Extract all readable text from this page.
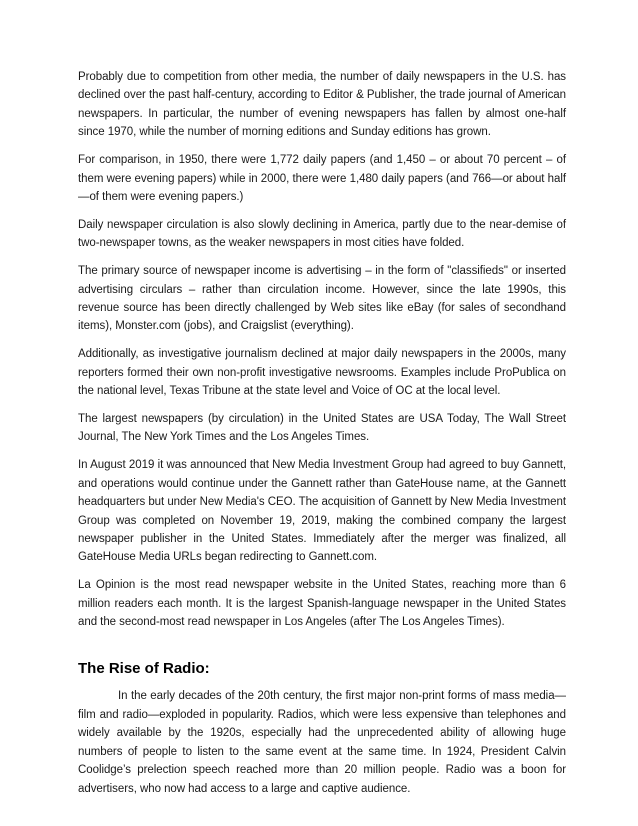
Probably due to competition from other media, the number of daily newspapers in the U.S. has declined over the past half-century, according to Editor & Publisher, the trade journal of American newspapers. In particular, the number of evening newspapers has fallen by almost one-half since 1970, while the number of morning editions and Sunday editions has grown.

For comparison, in 1950, there were 1,772 daily papers (and 1,450 – or about 70 percent – of them were evening papers) while in 2000, there were 1,480 daily papers (and 766—or about half—of them were evening papers.)

Daily newspaper circulation is also slowly declining in America, partly due to the near-demise of two-newspaper towns, as the weaker newspapers in most cities have folded.

The primary source of newspaper income is advertising – in the form of "classifieds" or inserted advertising circulars – rather than circulation income. However, since the late 1990s, this revenue source has been directly challenged by Web sites like eBay (for sales of secondhand items), Monster.com (jobs), and Craigslist (everything).

Additionally, as investigative journalism declined at major daily newspapers in the 2000s, many reporters formed their own non-profit investigative newsrooms. Examples include ProPublica on the national level, Texas Tribune at the state level and Voice of OC at the local level.

The largest newspapers (by circulation) in the United States are USA Today, The Wall Street Journal, The New York Times and the Los Angeles Times.

In August 2019 it was announced that New Media Investment Group had agreed to buy Gannett, and operations would continue under the Gannett rather than GateHouse name, at the Gannett headquarters but under New Media's CEO. The acquisition of Gannett by New Media Investment Group was completed on November 19, 2019, making the combined company the largest newspaper publisher in the United States. Immediately after the merger was finalized, all GateHouse Media URLs began redirecting to Gannett.com.

La Opinion is the most read newspaper website in the United States, reaching more than 6 million readers each month. It is the largest Spanish-language newspaper in the United States and the second-most read newspaper in Los Angeles (after The Los Angeles Times).

The Rise of Radio:

In the early decades of the 20th century, the first major non-print forms of mass media—film and radio—exploded in popularity. Radios, which were less expensive than telephones and widely available by the 1920s, especially had the unprecedented ability of allowing huge numbers of people to listen to the same event at the same time. In 1924, President Calvin Coolidge’s prelection speech reached more than 20 million people. Radio was a boon for advertisers, who now had access to a large and captive audience.
